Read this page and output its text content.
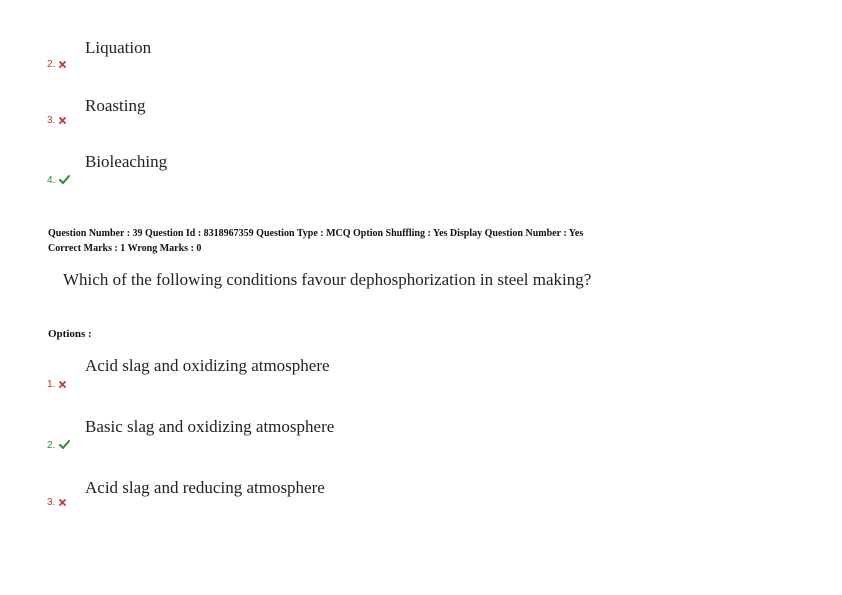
Liquation
2.
Roasting
3.
Bioleaching
4.
Question Number : 39 Question Id : 8318967359 Question Type : MCQ Option Shuffling : Yes Display Question Number : Yes
Correct Marks : 1 Wrong Marks : 0
Which of the following conditions favour dephosphorization in steel making?
Options :
Acid slag and oxidizing atmosphere
1.
Basic slag and oxidizing atmosphere
2.
Acid slag and reducing atmosphere
3.
